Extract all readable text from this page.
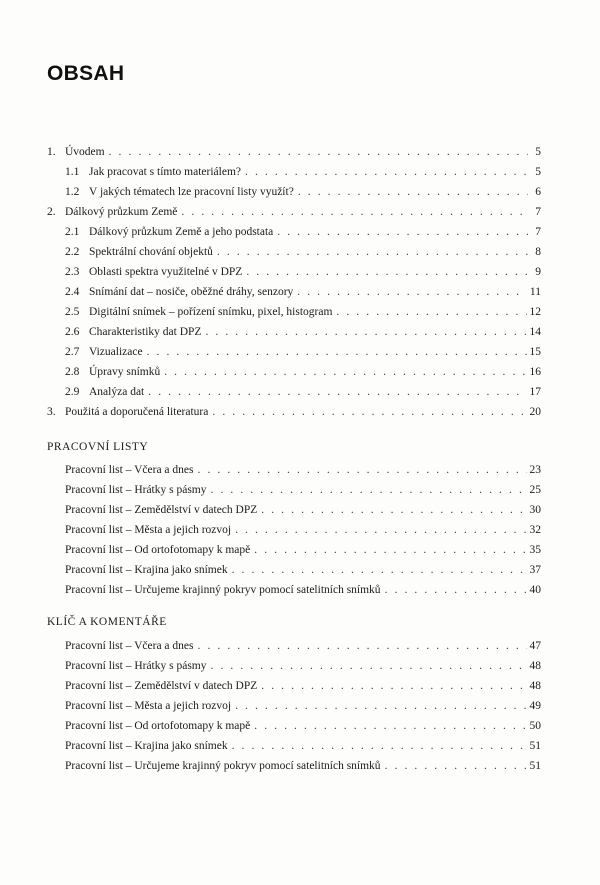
OBSAH
1. Úvodem . . .	5
1.1 Jak pracovat s tímto materiálem? . . .	5
1.2 V jakých tématech lze pracovní listy využít? . . .	6
2. Dálkový průzkum Země . . .	7
2.1 Dálkový průzkum Země a jeho podstata . . .	7
2.2 Spektrální chování objektů . . .	8
2.3 Oblasti spektra využitelné v DPZ . . .	9
2.4 Snímání dat – nosiče, oběžné dráhy, senzory . . .	11
2.5 Digitální snímek – pořízení snímku, pixel, histogram . . .	12
2.6 Charakteristiky dat DPZ . . .	14
2.7 Vizualizace . . .	15
2.8 Úpravy snímků . . .	16
2.9 Analýza dat . . .	17
3. Použitá a doporučená literatura . . .	20
PRACOVNÍ LISTY
Pracovní list – Včera a dnes . . .	23
Pracovní list – Hrátky s pásmy . . .	25
Pracovní list – Zemědělství v datech DPZ . . .	30
Pracovní list – Města a jejich rozvoj . . .	32
Pracovní list – Od ortofotomapy k mapě . . .	35
Pracovní list – Krajina jako snímek . . .	37
Pracovní list – Určujeme krajinný pokryv pomocí satelitních snímků . . .	40
KLÍČ A KOMENTÁŘE
Pracovní list – Včera a dnes . . .	47
Pracovní list – Hrátky s pásmy . . .	48
Pracovní list – Zemědělství v datech DPZ . . .	48
Pracovní list – Města a jejich rozvoj . . .	49
Pracovní list – Od ortofotomapy k mapě . . .	50
Pracovní list – Krajina jako snímek . . .	51
Pracovní list – Určujeme krajinný pokryv pomocí satelitních snímků . . .	51
